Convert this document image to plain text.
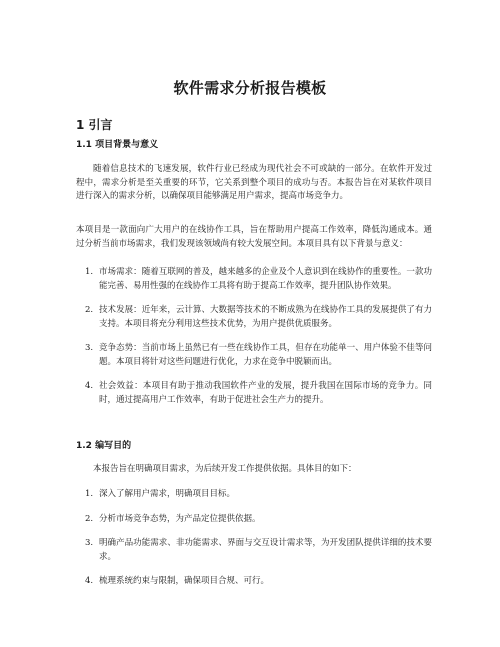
软件需求分析报告模板
1 引言
1.1 项目背景与意义

随着信息技术的飞速发展，软件行业已经成为现代社会不可或缺的一部分。在软件开发过程中，需求分析是至关重要的环节，它关系到整个项目的成功与否。本报告旨在对某软件项目进行深入的需求分析，以确保项目能够满足用户需求，提高市场竞争力。

本项目是一款面向广大用户的在线协作工具，旨在帮助用户提高工作效率，降低沟通成本。通过分析当前市场需求，我们发现该领域尚有较大发展空间。本项目具有以下背景与意义：

1. 市场需求：随着互联网的普及，越来越多的企业及个人意识到在线协作的重要性。一款功能完善、易用性强的在线协作工具将有助于提高工作效率，提升团队协作效果。
2. 技术发展：近年来，云计算、大数据等技术的不断成熟为在线协作工具的发展提供了有力支持。本项目将充分利用这些技术优势，为用户提供优质服务。
3. 竞争态势：当前市场上虽然已有一些在线协作工具，但存在功能单一、用户体验不佳等问题。本项目将针对这些问题进行优化，力求在竞争中脱颖而出。
4. 社会效益：本项目有助于推动我国软件产业的发展，提升我国在国际市场的竞争力。同时，通过提高用户工作效率，有助于促进社会生产力的提升。
1.2 编写目的

本报告旨在明确项目需求，为后续开发工作提供依据。具体目的如下：

1. 深入了解用户需求，明确项目目标。
2. 分析市场竞争态势，为产品定位提供依据。
3. 明确产品功能需求、非功能需求、界面与交互设计需求等，为开发团队提供详细的技术要求。
4. 梳理系统约束与限制，确保项目合规、可行。
